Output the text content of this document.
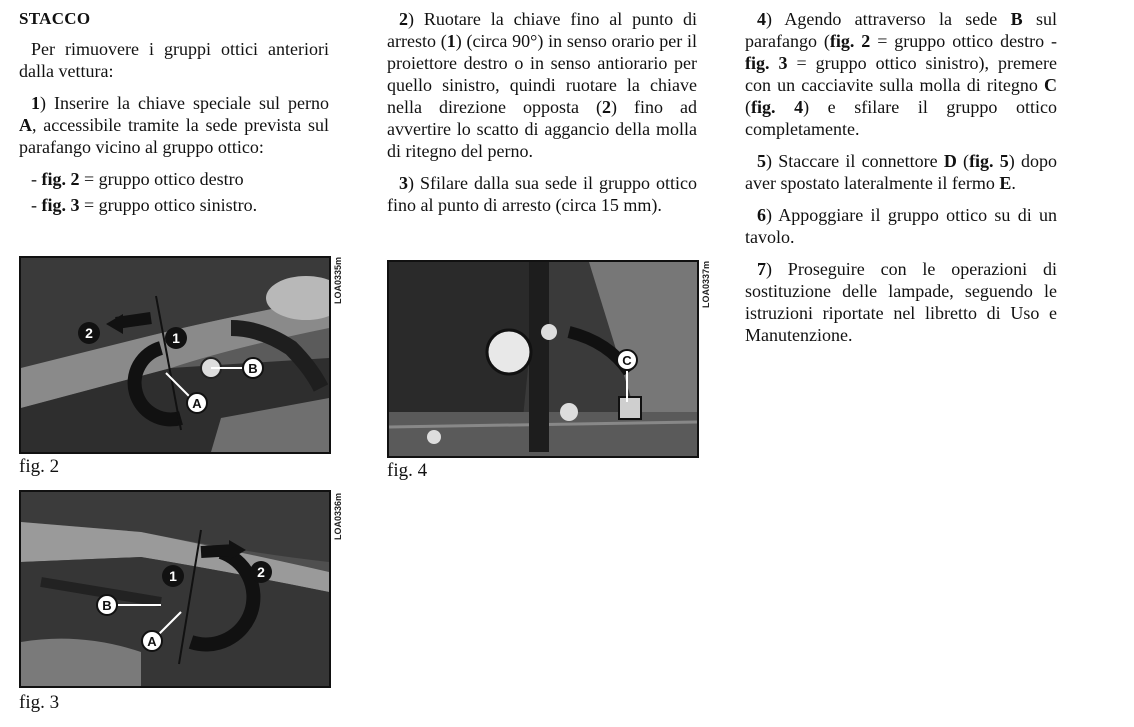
STACCO

Per rimuovere i gruppi ottici anteriori dalla vettura:

1) Inserire la chiave speciale sul perno A, accessibile tramite la sede prevista sul parafango vicino al gruppo ottico:

- fig. 2 = gruppo ottico destro

- fig. 3 = gruppo ottico sinistro.

2) Ruotare la chiave fino al punto di arresto (1) (circa 90°) in senso orario per il proiettore destro o in senso antiorario per quello sinistro, quindi ruotare la chiave nella direzione opposta (2) fino ad avvertire lo scatto di aggancio della molla di ritegno del perno.

3) Sfilare dalla sua sede il gruppo ottico fino al punto di arresto (circa 15 mm).

4) Agendo attraverso la sede B sul parafango (fig. 2 = gruppo ottico destro - fig. 3 = gruppo ottico sinistro), premere con un cacciavite sulla molla di ritegno C (fig. 4) e sfilare il gruppo ottico completamente.

5) Staccare il connettore D (fig. 5) dopo aver spostato lateralmente il fermo E.

6) Appoggiare il gruppo ottico su di un tavolo.

7) Proseguire con le operazioni di sostituzione delle lampade, seguendo le istruzioni riportate nel libretto di Uso e Manutenzione.

1
2
A
B
LOA0335m
fig. 2
1	2
B
A
LOA0336m
fig. 3
C
LOA0337m
fig. 4
